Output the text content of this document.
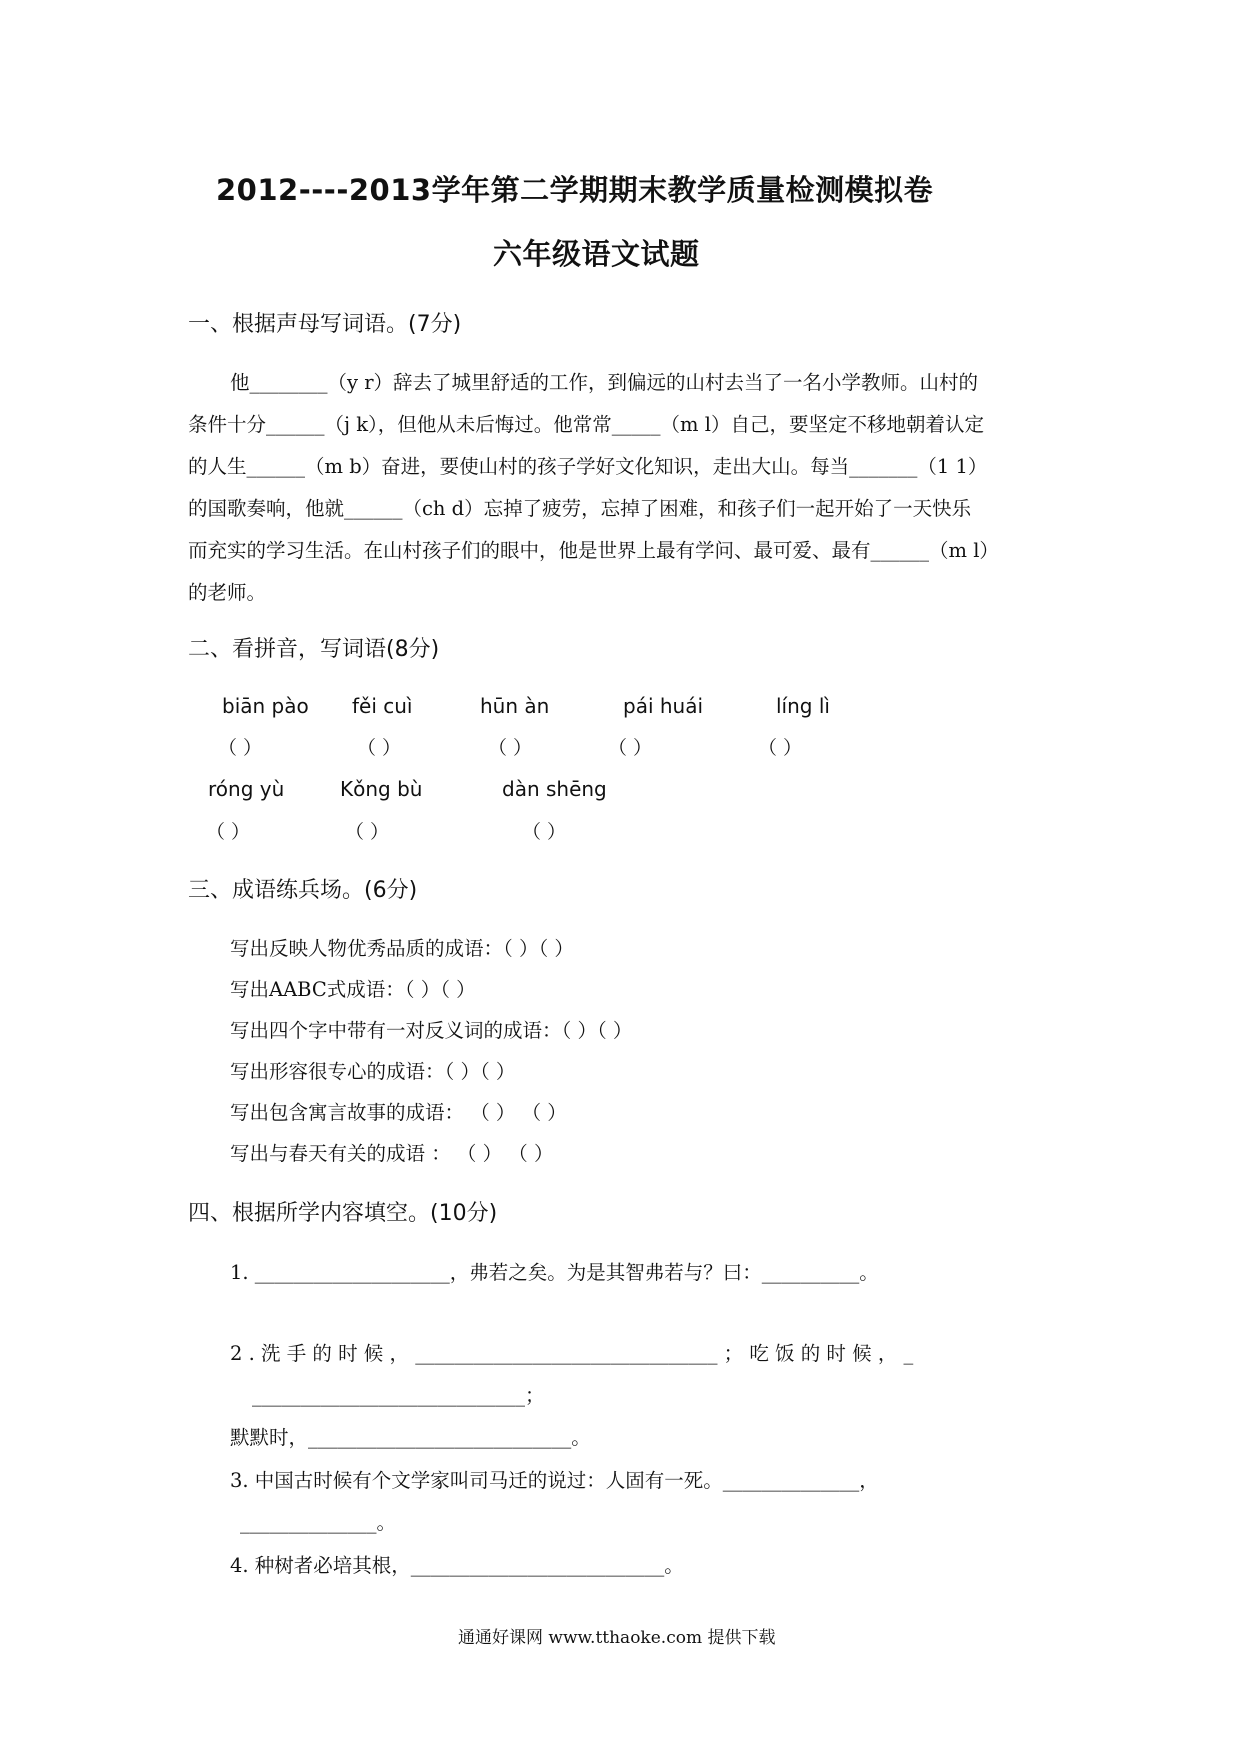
2012----2013学年第二学期期末教学质量检测模拟卷
六年级语文试题
一、根据声母写词语。(7分)
他________（y r）辞去了城里舒适的工作，到偏远的山村去当了一名小学教师。山村的
条件十分______（j k），但他从未后悔过。他常常_____（m l）自己，要坚定不移地朝着认定
的人生______（m b）奋进，要使山村的孩子学好文化知识，走出大山。每当_______（1 1）
的国歌奏响，他就______（ch d）忘掉了疲劳，忘掉了困难，和孩子们一起开始了一天快乐
而充实的学习生活。在山村孩子们的眼中，他是世界上最有学问、最可爱、最有______（m l）
的老师。
二、看拼音，写词语(8分)
biān pào fěi cuì	hūn àn	pái huái	líng lì
（ ）	（ ）	（ ）	（ ）	（ ）
róng yù	Kǒng bù	dàn shēng
（ ）	（ ）	（ ）
三、成语练兵场。(6分)
写出反映人物优秀品质的成语：（ ）（ ）
写出AABC式成语：（ ）（ ）
写出四个字中带有一对反义词的成语：（ ）（ ）
写出形容很专心的成语：（ ）（ ）
写出包含寓言故事的成语： （ ） （ ）
写出与春天有关的成语 ： （ ） （ ）
四、根据所学内容填空。(10分)
1. ____________________，弗若之矣。为是其智弗若与？曰：__________。
2 . 洗 手 的 时 候 ， _______________________________ ； 吃 饭 的 时 候 ， _
____________________________；
默默时，___________________________。
3. 中国古时候有个文学家叫司马迁的说过：人固有一死。______________，
______________。
4. 种树者必培其根，__________________________。
通通好课网 www.tthaoke.com 提供下载
